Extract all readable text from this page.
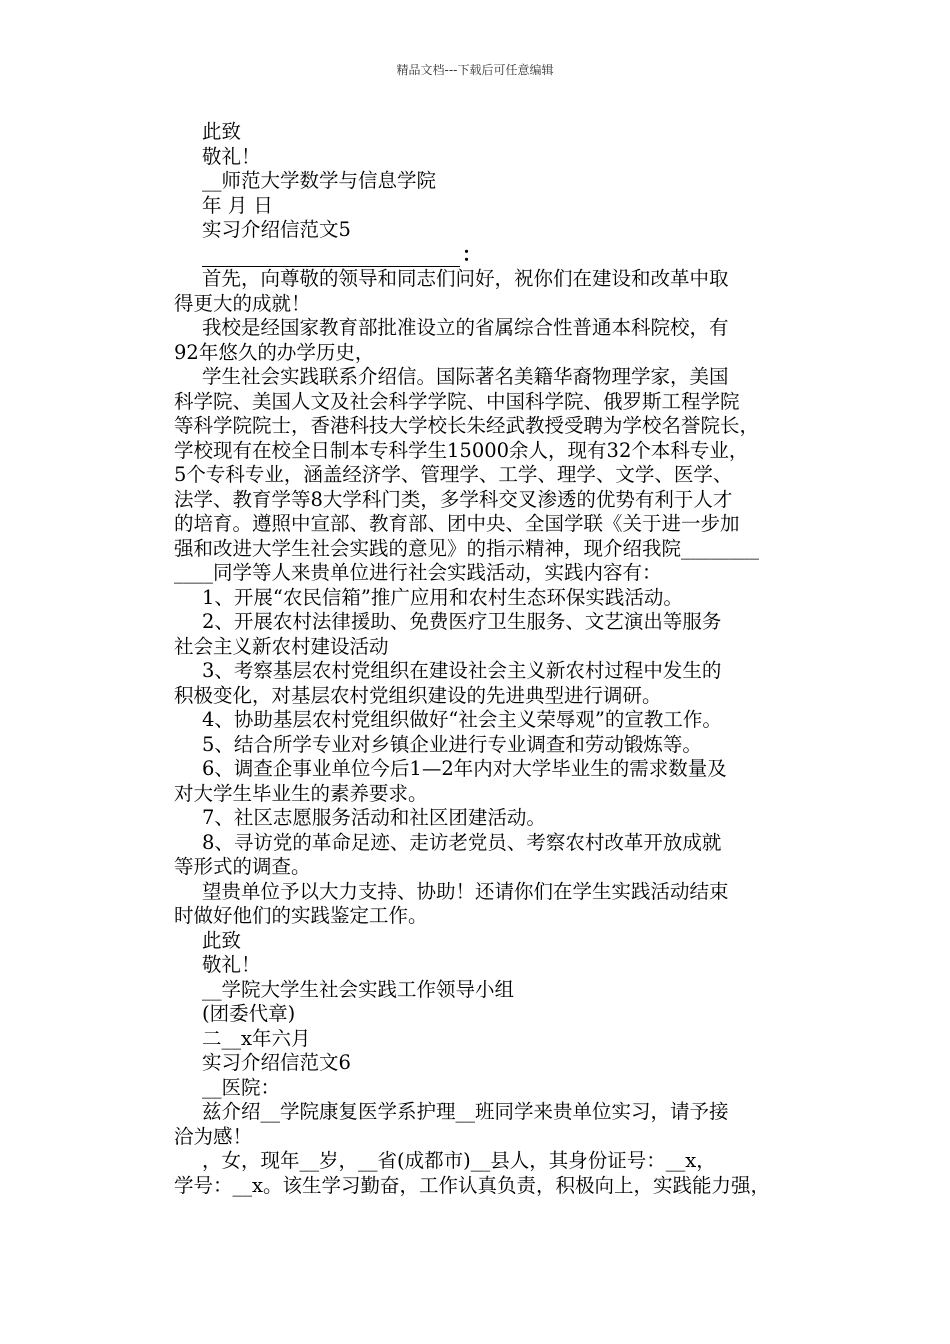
精品文档---下载后可任意编辑
此致
敬礼！
__师范大学数学与信息学院
年 月 日
实习介绍信范文5
：
首先，向尊敬的领导和同志们问好，祝你们在建设和改革中取
得更大的成就！
我校是经国家教育部批准设立的省属综合性普通本科院校，有
92年悠久的办学历史，
学生社会实践联系介绍信。国际著名美籍华裔物理学家，美国
科学院、美国人文及社会科学学院、中国科学院、俄罗斯工程学院
等科学院院士，香港科技大学校长朱经武教授受聘为学校名誉院长，
学校现有在校全日制本专科学生15000余人，现有32个本科专业，
5个专科专业，涵盖经济学、管理学、工学、理学、文学、医学、
法学、教育学等8大学科门类，多学科交叉渗透的优势有利于人才
的培育。遵照中宣部、教育部、团中央、全国学联《关于进一步加
强和改进大学生社会实践的意见》的指示精神，现介绍我院________
____同学等人来贵单位进行社会实践活动，实践内容有：
1、开展“农民信箱”推广应用和农村生态环保实践活动。
2、开展农村法律援助、免费医疗卫生服务、文艺演出等服务
社会主义新农村建设活动
3、考察基层农村党组织在建设社会主义新农村过程中发生的
积极变化，对基层农村党组织建设的先进典型进行调研。
4、协助基层农村党组织做好“社会主义荣辱观”的宣教工作。
5、结合所学专业对乡镇企业进行专业调查和劳动锻炼等。
6、调查企事业单位今后1—2年内对大学毕业生的需求数量及
对大学生毕业生的素养要求。
7、社区志愿服务活动和社区团建活动。
8、寻访党的革命足迹、走访老党员、考察农村改革开放成就
等形式的调查。
望贵单位予以大力支持、协助！还请你们在学生实践活动结束
时做好他们的实践鉴定工作。
此致
敬礼！
__学院大学生社会实践工作领导小组
(团委代章)
二__x年六月
实习介绍信范文6
__医院：
兹介绍__学院康复医学系护理__班同学来贵单位实习，请予接
洽为感！
，女，现年__岁，__省(成都市)__县人，其身份证号：__x，
学号：__x。该生学习勤奋，工作认真负责，积极向上，实践能力强，
